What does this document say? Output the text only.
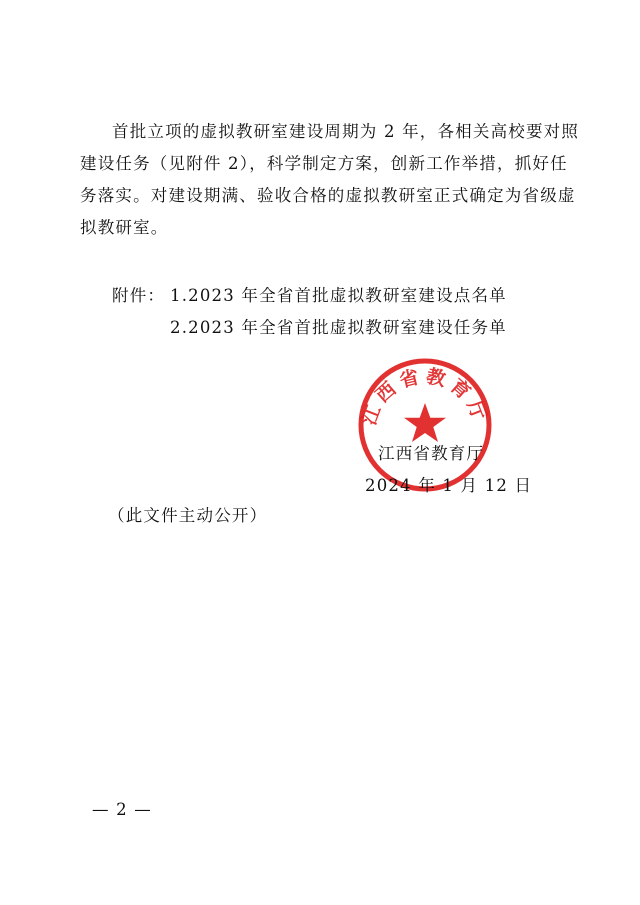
首批立项的虚拟教研室建设周期为 2 年，各相关高校要对照

建设任务（见附件 2），科学制定方案，创新工作举措，抓好任

务落实。对建设期满、验收合格的虚拟教研室正式确定为省级虚

拟教研室。

附件： 1.2023 年全省首批虚拟教研室建设点名单

2.2023 年全省首批虚拟教研室建设任务单

江西省教育厅

江西省教育厅

2024 年 1 月 12 日

（此文件主动公开）

— 2 —
